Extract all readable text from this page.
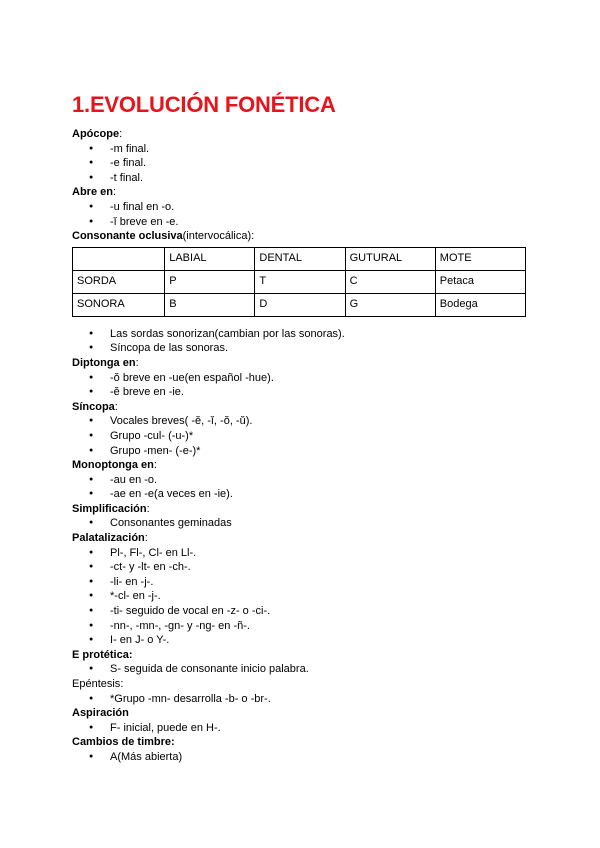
1.EVOLUCIÓN FONÉTICA
Apócope:
● -m final.
● -e final.
● -t final.
Abre en:
● -u final en -o.
● -ĭ breve en -e.
Consonante oclusiva(intervocálica):
	LABIAL	DENTAL	GUTURAL	MOTE
SORDA	P	T	C	Petaca
SONORA	B	D	G	Bodega
● Las sordas sonorizan(cambian por las sonoras).
● Síncopa de las sonoras.
Diptonga en:
● -ŏ breve en -ue(en español -hue).
● -ĕ breve en -ie.
Síncopa:
● Vocales breves( -ĕ, -ĭ, -ŏ, -ŭ).
● Grupo -cul- (-u-)*
● Grupo -men- (-e-)*
Monoptonga en:
● -au en -o.
● -ae en -e(a veces en -ie).
Simplificación:
● Consonantes geminadas
Palatalización:
● Pl-, Fl-, Cl- en Ll-.
● -ct- y -lt- en -ch-.
● -li- en -j-.
● *-cl- en -j-.
● -ti- seguido de vocal en -z- o -ci-.
● -nn-, -mn-, -gn- y -ng- en -ñ-.
● I- en J- o Y-.
E protética:
● S- seguida de consonante inicio palabra.
Epéntesis:
● *Grupo -mn- desarrolla -b- o -br-.
Aspiración
● F- inicial, puede en H-.
Cambios de timbre:
● A(Más abierta)
